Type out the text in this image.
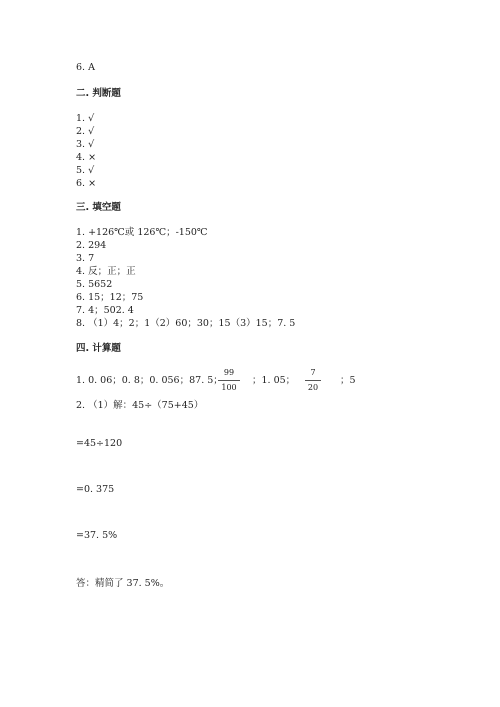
6. A
二. 判断题
1. √
2. √
3. √
4. ×
5. √
6. ×
三. 填空题
1. +126℃或 126℃；-150℃
2. 294
3. 7
4. 反；正；正
5. 5652
6. 15；12；75
7. 4；502. 4
8. （1）4；2；1（2）60；30；15（3）15；7. 5
四. 计算题
1. 0. 06；0. 8；0. 056；87. 5；
99
100
；1. 05；
7
20
；5
2. （1）解：45÷（75+45）
=45÷120
=0. 375
=37. 5%
答：精简了 37. 5%。
